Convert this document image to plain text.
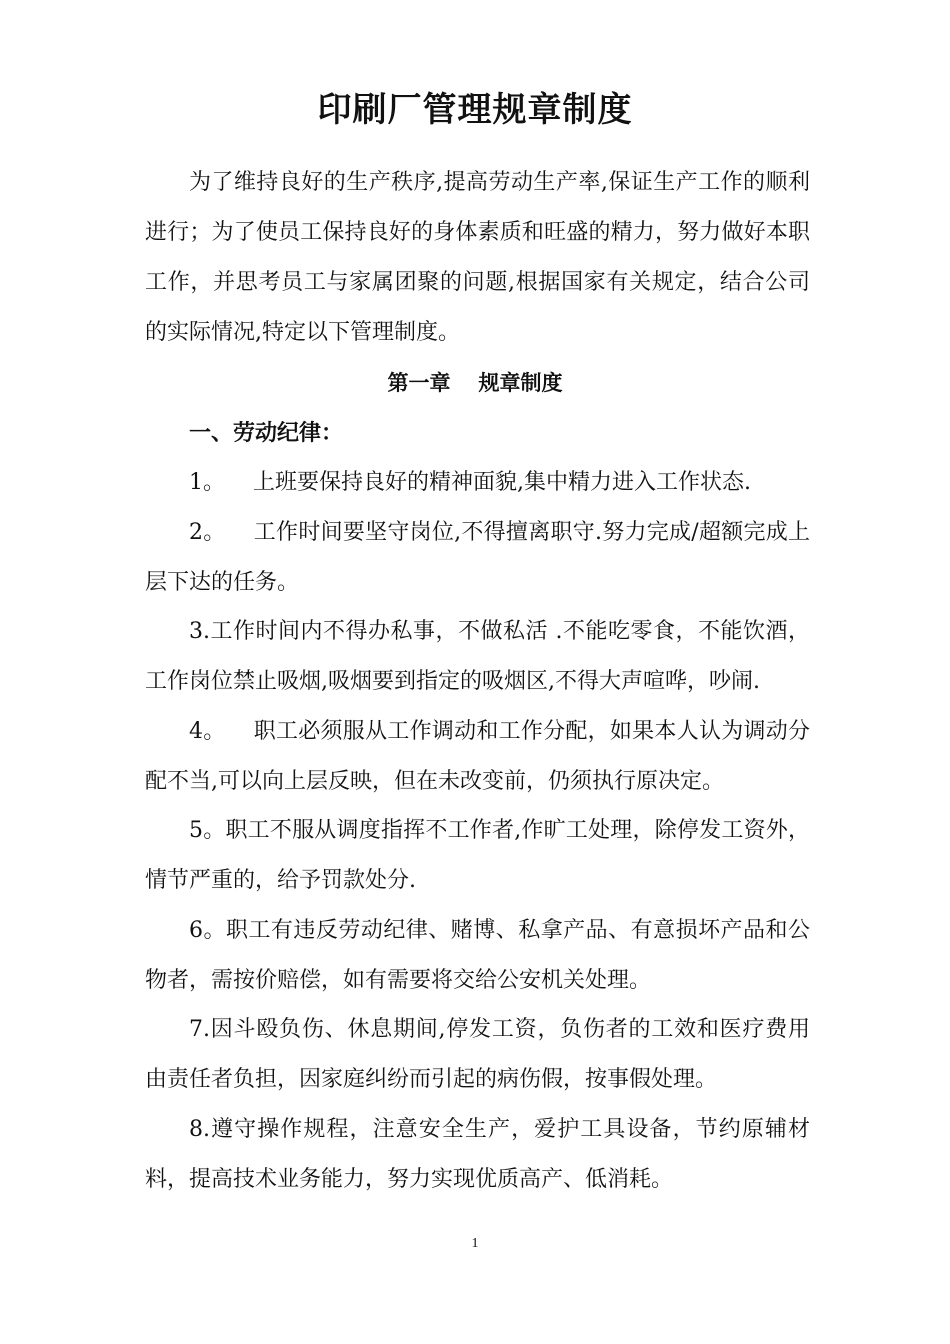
印刷厂管理规章制度

为了维持良好的生产秩序,提高劳动生产率,保证生产工作的顺利进行；为了使员工保持良好的身体素质和旺盛的精力，努力做好本职工作，并思考员工与家属团聚的问题,根据国家有关规定，结合公司的实际情况,特定以下管理制度。

第一章 规章制度

一、劳动纪律：

1。 上班要保持良好的精神面貌,集中精力进入工作状态.

2。 工作时间要坚守岗位,不得擅离职守.努力完成/超额完成上层下达的任务。

3.工作时间内不得办私事，不做私活 .不能吃零食，不能饮酒，工作岗位禁止吸烟,吸烟要到指定的吸烟区,不得大声喧哗，吵闹.

4。 职工必须服从工作调动和工作分配，如果本人认为调动分配不当,可以向上层反映，但在未改变前，仍须执行原决定。

5。职工不服从调度指挥不工作者,作旷工处理，除停发工资外，情节严重的，给予罚款处分.

6。职工有违反劳动纪律、赌博、私拿产品、有意损坏产品和公物者，需按价赔偿，如有需要将交给公安机关处理。

7.因斗殴负伤、休息期间,停发工资，负伤者的工效和医疗费用由责任者负担，因家庭纠纷而引起的病伤假，按事假处理。

8.遵守操作规程，注意安全生产，爱护工具设备，节约原辅材料，提高技术业务能力，努力实现优质高产、低消耗。

1
